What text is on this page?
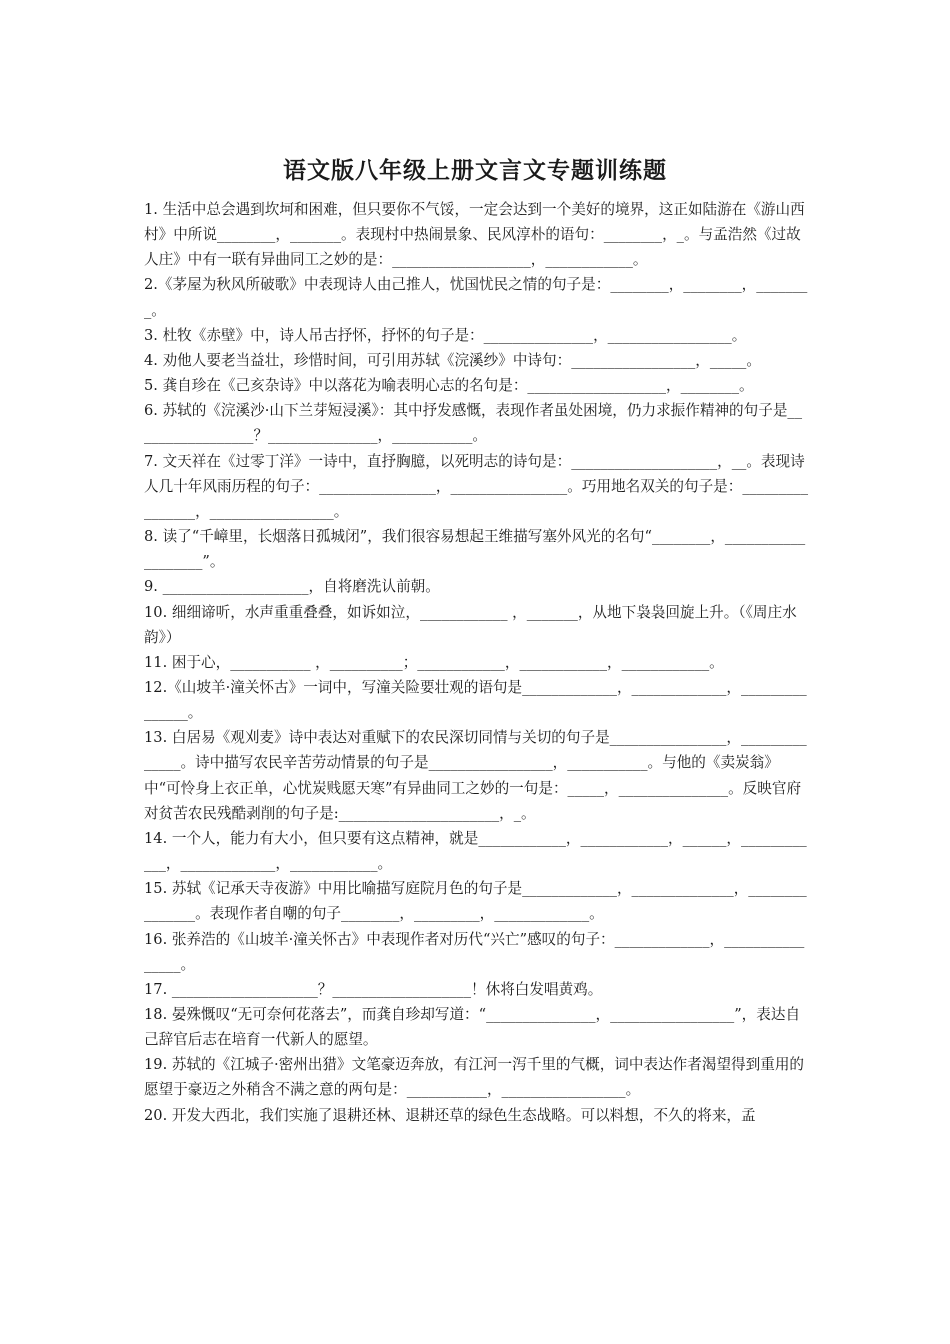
语文版八年级上册文言文专题训练题

1. 生活中总会遇到坎坷和困难，但只要你不气馁，一定会达到一个美好的境界，这正如陆游在《游山西村》中所说________，_______。表现村中热闹景象、民风淳朴的语句：________，_。与孟浩然《过故人庄》中有一联有异曲同工之妙的是：___________________，____________。

2.《茅屋为秋风所破歌》中表现诗人由己推人，忧国忧民之情的句子是：________，________，________。

3. 杜牧《赤壁》中，诗人吊古抒怀，抒怀的句子是：_______________，_________________。

4. 劝他人要老当益壮，珍惜时间，可引用苏轼《浣溪纱》中诗句：_________________，_____。

5. 龚自珍在《己亥杂诗》中以落花为喻表明心志的名句是：___________________，________。

6. 苏轼的《浣溪沙·山下兰芽短浸溪》：其中抒发感慨，表现作者虽处困境，仍力求振作精神的句子是_________________？_______________，___________。

7. 文天祥在《过零丁洋》一诗中，直抒胸臆，以死明志的诗句是：____________________，__。表现诗人几十年风雨历程的句子：________________，________________。巧用地名双关的句子是：________________，_________________。

8. 读了“千嶂里，长烟落日孤城闭”，我们很容易想起王维描写塞外风光的名句“________，___________________”。

9. ____________________，自将磨洗认前朝。

10. 细细谛听，水声重重叠叠，如诉如泣，____________ ，_______，从地下袅袅回旋上升。（《周庄水韵》）

11. 困于心，___________ ，__________；____________，____________，____________。

12.《山坡羊·潼关怀古》一词中，写潼关险要壮观的语句是_____________，_____________，_______________。

13. 白居易《观刈麦》诗中表达对重赋下的农民深切同情与关切的句子是________________，______________。诗中描写农民辛苦劳动情景的句子是_________________，___________。与他的《卖炭翁》中“可怜身上衣正单，心忧炭贱愿天寒”有异曲同工之妙的一句是：_____，_______________。反映官府对贫苦农民残酷剥削的句子是:______________________，_。

14. 一个人，能力有大小，但只要有这点精神，就是____________，____________，______，____________，_____________，____________。

15. 苏轼《记承天寺夜游》中用比喻描写庭院月色的句子是_____________，______________，_______________。表现作者自嘲的句子________，_________，_____________。

16. 张养浩的《山坡羊·潼关怀古》中表现作者对历代“兴亡”感叹的句子：_____________，________________。

17. ____________________？___________________！休将白发唱黄鸡。

18. 晏殊慨叹“无可奈何花落去”，而龚自珍却写道：“_______________，_________________”，表达自己辞官后志在培育一代新人的愿望。

19. 苏轼的《江城子·密州出猎》文笔豪迈奔放，有江河一泻千里的气概，词中表达作者渴望得到重用的愿望于豪迈之外稍含不满之意的两句是：___________，_________________。

20. 开发大西北，我们实施了退耕还林、退耕还草的绿色生态战略。可以料想，不久的将来，孟
